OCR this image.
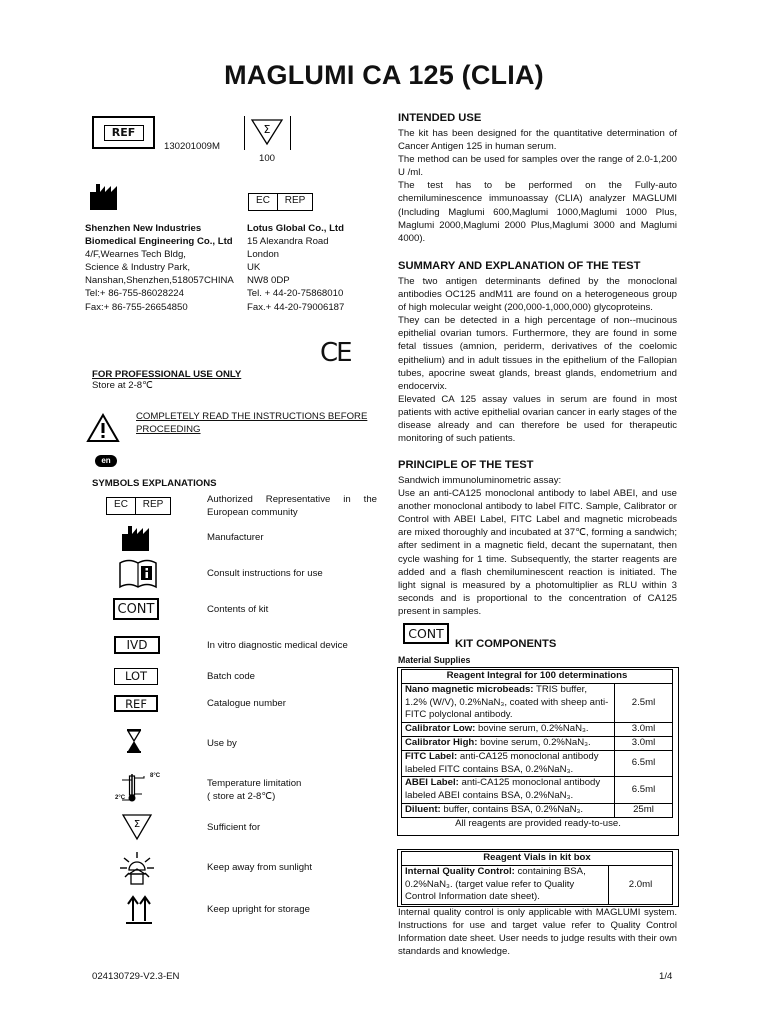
MAGLUMI CA 125 (CLIA)
REF
130201009M
Σ
100
EC	REP
Shenzhen New Industries
Biomedical Engineering Co., Ltd
4/F,Wearnes Tech Bldg,
Science & Industry Park,
Nanshan,Shenzhen,518057CHINA
Tel:+ 86-755-86028224
Fax:+ 86-755-26654850
Lotus Global Co., Ltd
15 Alexandra Road
London
UK
NW8 0DP
Tel. + 44-20-75868010
Fax.+ 44-20-79006187
CE
FOR PROFESSIONAL USE ONLY
Store at 2-8℃
COMPLETELY READ THE INSTRUCTIONS BEFORE PROCEEDING
en
SYMBOLS EXPLANATIONS
EC	REP	Authorized Representative in the European community
Manufacturer
Consult instructions for use
CONT	Contents of kit
IVD	In vitro diagnostic medical device
LOT	Batch code
REF	Catalogue number
Use by
8°C
2°C
Temperature limitation
( store at 2-8℃)
Σ	Sufficient for
Keep away from sunlight
Keep upright for storage
024130729-V2.3-EN
INTENDED USE
The kit has been designed for the quantitative determination of Cancer Antigen 125 in human serum.
The method can be used for samples over the range of 2.0-1,200 U /ml.
The test has to be performed on the Fully-auto chemiluminescence immunoassay (CLIA) analyzer MAGLUMI (Including Maglumi 600,Maglumi 1000,Maglumi 1000 Plus, Maglumi 2000,Maglumi 2000 Plus,Maglumi 3000 and Maglumi 4000).
SUMMARY AND EXPLANATION OF THE TEST
The two antigen determinants defined by the monoclonal antibodies OC125 andM11 are found on a heterogeneous group of high molecular weight (200,000-1,000,000) glycoproteins.
They can be detected in a high percentage of non--mucinous epithelial ovarian tumors. Furthermore, they are found in some fetal tissues (amnion, periderm, derivatives of the coelomic epithelium) and in adult tissues in the epithelium of the Fallopian tubes, apocrine sweat glands, breast glands, endometrium and endocervix.
Elevated CA 125 assay values in serum are found in most patients with active epithelial ovarian cancer in early stages of the disease already and can therefore be used for therapeutic monitoring of such patients.
PRINCIPLE OF THE TEST
Sandwich immunoluminometric assay:
Use an anti-CA125 monoclonal antibody to label ABEI, and use another monoclonal antibody to label FITC. Sample, Calibrator or Control with ABEI Label, FITC Label and magnetic microbeads are mixed thoroughly and incubated at 37℃, forming a sandwich; after sediment in a magnetic field, decant the supernatant, then cycle washing for 1 time. Subsequently, the starter reagents are added and a flash chemiluminescent reaction is initiated. The light signal is measured by a photomultiplier as RLU within 3 seconds and is proportional to the concentration of CA125 present in samples.
CONT
KIT COMPONENTS
Material Supplies
Reagent Integral for 100 determinations	
Nano magnetic microbeads: TRIS buffer, 1.2% (W/V), 0.2%NaN₃, coated with sheep anti-FITC polyclonal antibody.	2.5ml
Calibrator Low: bovine serum, 0.2%NaN₃.	3.0ml
Calibrator High: bovine serum, 0.2%NaN₃.	3.0ml
FITC Label: anti-CA125 monoclonal antibody labeled FITC contains BSA, 0.2%NaN₃.	6.5ml
ABEI Label: anti-CA125 monoclonal antibody labeled ABEI contains BSA, 0.2%NaN₃.	6.5ml
Diluent: buffer, contains BSA, 0.2%NaN₃.	25ml
All reagents are provided ready-to-use.
Reagent Vials in kit box
Internal Quality Control: containing BSA, 0.2%NaN₃. (target value refer to Quality Control Information date sheet).	2.0ml
Internal quality control is only applicable with MAGLUMI system. Instructions for use and target value refer to Quality Control Information date sheet. User needs to judge results with their own standards and knowledge.
1/4
